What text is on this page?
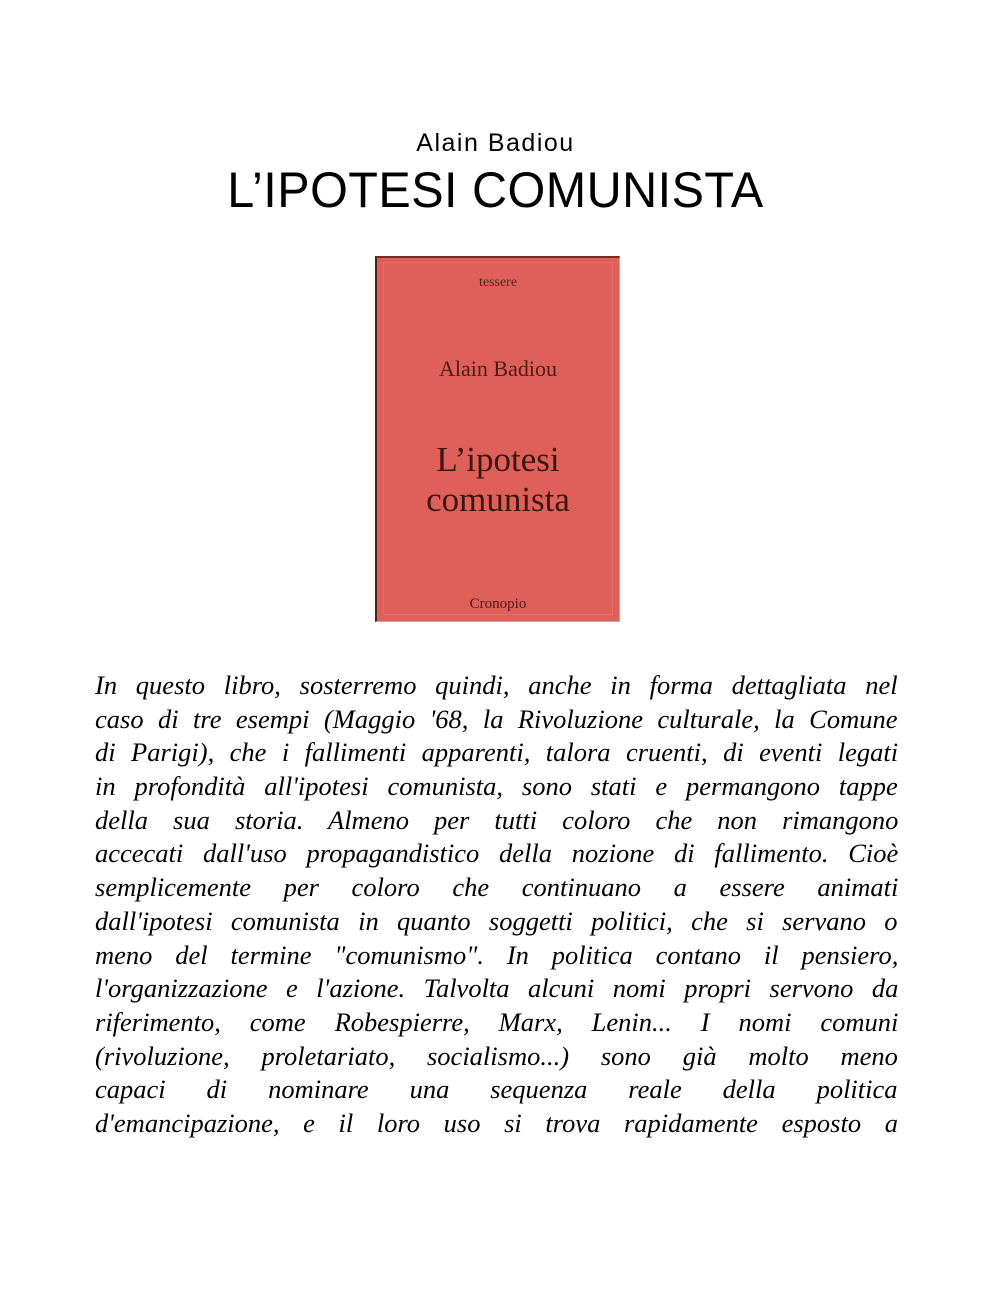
Alain Badiou
L’IPOTESI COMUNISTA
tessere
Alain Badiou
L’ipotesi
comunista
Cronopio
In questo libro, sosterremo quindi, anche in forma dettagliata nel
caso di tre esempi (Maggio '68, la Rivoluzione culturale, la Comune
di Parigi), che i fallimenti apparenti, talora cruenti, di eventi legati
in profondità all'ipotesi comunista, sono stati e permangono tappe
della sua storia. Almeno per tutti coloro che non rimangono
accecati dall'uso propagandistico della nozione di fallimento. Cioè
semplicemente per coloro che continuano a essere animati
dall'ipotesi comunista in quanto soggetti politici, che si servano o
meno del termine "comunismo". In politica contano il pensiero,
l'organizzazione e l'azione. Talvolta alcuni nomi propri servono da
riferimento, come Robespierre, Marx, Lenin... I nomi comuni
(rivoluzione, proletariato, socialismo...) sono già molto meno
capaci di nominare una sequenza reale della politica
d'emancipazione, e il loro uso si trova rapidamente esposto a
